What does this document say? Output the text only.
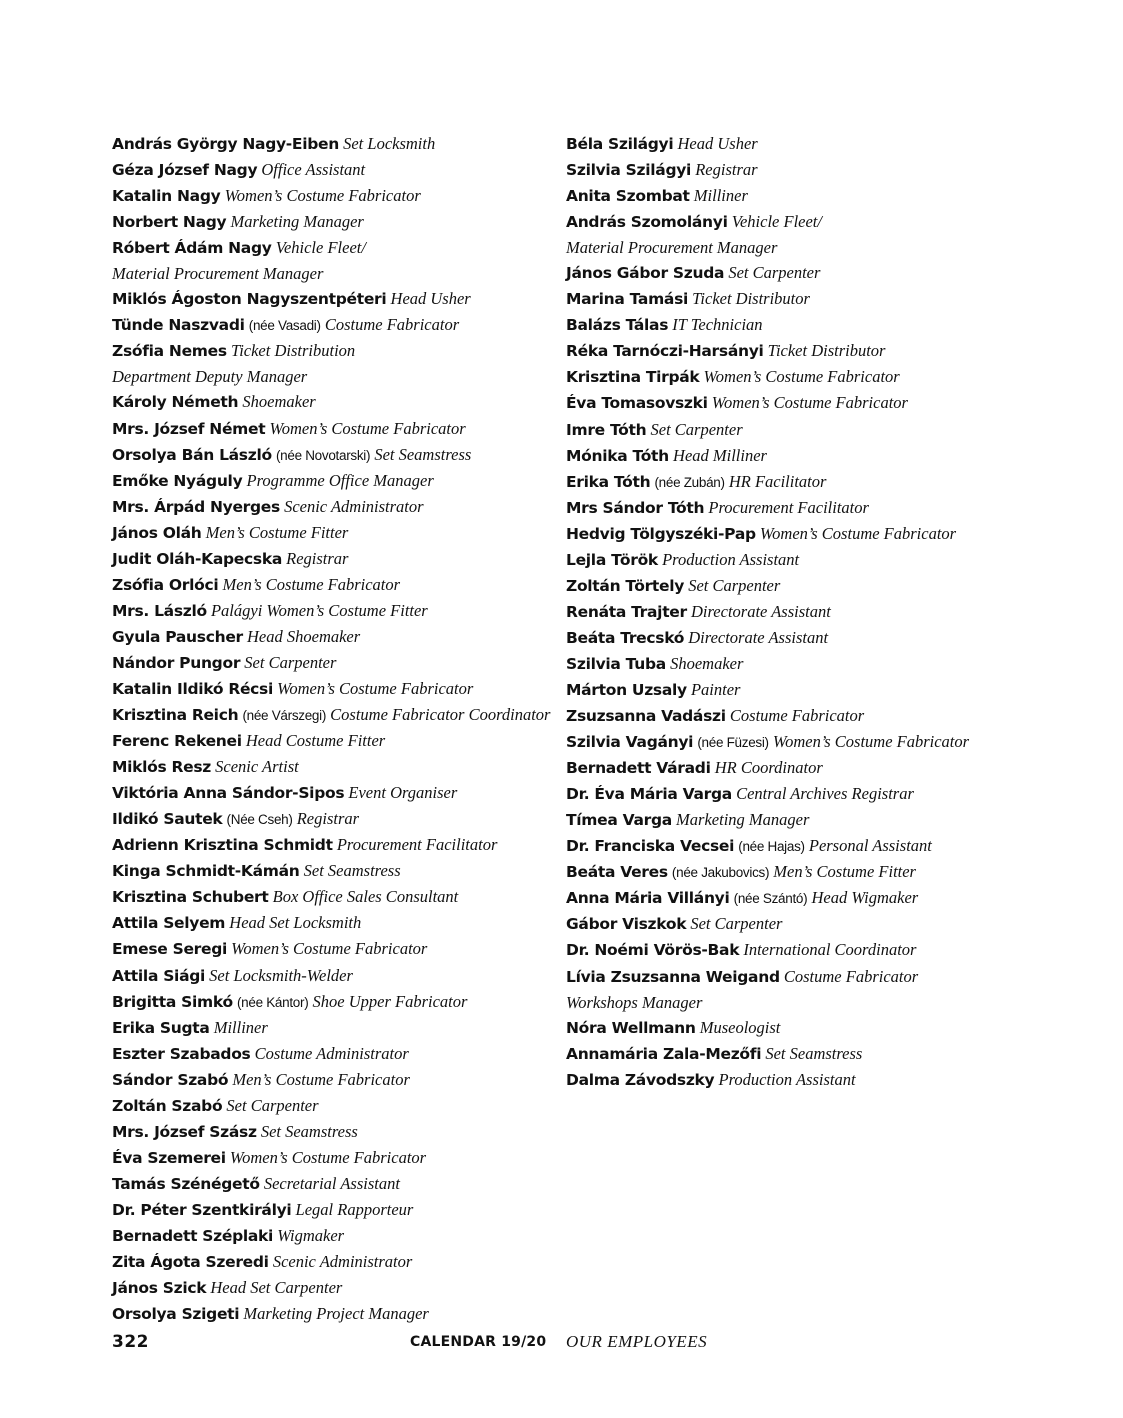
András György Nagy-Eiben Set Locksmith
Géza József Nagy Office Assistant
Katalin Nagy Women’s Costume Fabricator
Norbert Nagy Marketing Manager
Róbert Ádám Nagy Vehicle Fleet/
Material Procurement Manager
Miklós Ágoston Nagyszentpéteri Head Usher
Tünde Naszvadi (née Vasadi) Costume Fabricator
Zsófia Nemes Ticket Distribution
Department Deputy Manager
Károly Németh Shoemaker
Mrs. József Német Women’s Costume Fabricator
Orsolya Bán László (née Novotarski) Set Seamstress
Emőke Nyáguly Programme Office Manager
Mrs. Árpád Nyerges Scenic Administrator
János Oláh Men’s Costume Fitter
Judit Oláh-Kapecska Registrar
Zsófia Orlóci Men’s Costume Fabricator
Mrs. László Palágyi Women’s Costume Fitter
Gyula Pauscher Head Shoemaker
Nándor Pungor Set Carpenter
Katalin Ildikó Récsi Women’s Costume Fabricator
Krisztina Reich (née Várszegi) Costume Fabricator Coordinator
Ferenc Rekenei Head Costume Fitter
Miklós Resz Scenic Artist
Viktória Anna Sándor-Sipos Event Organiser
Ildikó Sautek (Née Cseh) Registrar
Adrienn Krisztina Schmidt Procurement Facilitator
Kinga Schmidt-Kámán Set Seamstress
Krisztina Schubert Box Office Sales Consultant
Attila Selyem Head Set Locksmith
Emese Seregi Women’s Costume Fabricator
Attila Siági Set Locksmith-Welder
Brigitta Simkó (née Kántor) Shoe Upper Fabricator
Erika Sugta Milliner
Eszter Szabados Costume Administrator
Sándor Szabó Men’s Costume Fabricator
Zoltán Szabó Set Carpenter
Mrs. József Szász Set Seamstress
Éva Szemerei Women’s Costume Fabricator
Tamás Szénégető Secretarial Assistant
Dr. Péter Szentkirályi Legal Rapporteur
Bernadett Széplaki Wigmaker
Zita Ágota Szeredi Scenic Administrator
János Szick Head Set Carpenter
Orsolya Szigeti Marketing Project Manager
Béla Szilágyi Head Usher
Szilvia Szilágyi Registrar
Anita Szombat Milliner
András Szomolányi Vehicle Fleet/
Material Procurement Manager
János Gábor Szuda Set Carpenter
Marina Tamási Ticket Distributor
Balázs Tálas IT Technician
Réka Tarnóczi-Harsányi Ticket Distributor
Krisztina Tirpák Women’s Costume Fabricator
Éva Tomasovszki Women’s Costume Fabricator
Imre Tóth Set Carpenter
Mónika Tóth Head Milliner
Erika Tóth (née Zubán) HR Facilitator
Mrs Sándor Tóth Procurement Facilitator
Hedvig Tölgyszéki-Pap Women’s Costume Fabricator
Lejla Török Production Assistant
Zoltán Törtely Set Carpenter
Renáta Trajter Directorate Assistant
Beáta Trecskó Directorate Assistant
Szilvia Tuba Shoemaker
Márton Uzsaly Painter
Zsuzsanna Vadászi Costume Fabricator
Szilvia Vagányi (née Füzesi) Women’s Costume Fabricator
Bernadett Váradi HR Coordinator
Dr. Éva Mária Varga Central Archives Registrar
Tímea Varga Marketing Manager
Dr. Franciska Vecsei (née Hajas) Personal Assistant
Beáta Veres (née Jakubovics) Men’s Costume Fitter
Anna Mária Villányi (née Szántó) Head Wigmaker
Gábor Viszkok Set Carpenter
Dr. Noémi Vörös-Bak International Coordinator
Lívia Zsuzsanna Weigand Costume Fabricator
Workshops Manager
Nóra Wellmann Museologist
Annamária Zala-Mezőfi Set Seamstress
Dalma Závodszky Production Assistant
322	CALENDAR 19/20 OUR EMPLOYEES
